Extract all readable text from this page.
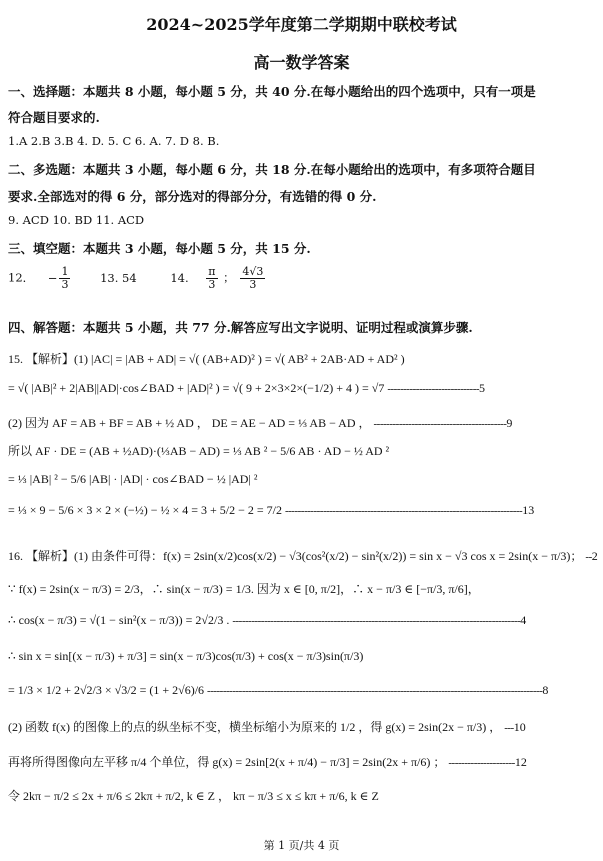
2024~2025学年度第二学期期中联校考试
高一数学答案
一、选择题：本题共 8 小题，每小题 5 分，共 40 分.在每小题给出的四个选项中，只有一项是
符合题目要求的.
1.A 2.B 3.B 4. D. 5. C 6. A. 7. D 8. B.
二、多选题：本题共 3 小题，每小题 6 分，共 18 分.在每小题给出的选项中，有多项符合题目
要求.全部选对的得 6 分，部分选对的得部分分，有选错的得 0 分.
9. ACD 10. BD 11. ACD
三、填空题：本题共 3 小题，每小题 5 分，共 15 分.
12． − $\frac{1}{3}$	13. 54	14. $\frac{\pi}{3}$ ； $\frac{4√3}{3}$
四、解答题：本题共 5 小题，共 77 分.解答应写出文字说明、证明过程或演算步骤.
15. 【解析】(1) |AC| = |AB + AD| = √( (AB+AD)² ) = √( AB² + 2AB·AD + AD² )
= √( |AB|² + 2|AB||AD|·cos∠BAD + |AD|² ) = √( 9 + 2×3×2×(−1/2) + 4 ) = √7 -----------------------------5
(2) 因为 AF = AB + BF = AB + ½ AD ， DE = AE − AD = ⅓ AB − AD ， ------------------------------------------9
所以 AF · DE = (AB + ½AD)·(⅓AB − AD) = ⅓ AB ² − 5/6 AB · AD − ½ AD ²
= ⅓ |AB| ² − 5/6 |AB| · |AD| · cos∠BAD − ½ |AD| ²
= ⅓ × 9 − 5/6 × 3 × 2 × (−½) − ½ × 4 = 3 + 5/2 − 2 = 7/2 ---------------------------------------------------------------------------13
16. 【解析】(1) 由条件可得：f(x) = 2sin(x/2)cos(x/2) − √3(cos²(x/2) − sin²(x/2)) = sin x − √3 cos x = 2sin(x − π/3)； --2
∵ f(x) = 2sin(x − π/3) = 2/3，∴ sin(x − π/3) = 1/3. 因为 x ∈ [0, π/2]，∴ x − π/3 ∈ [−π/3, π/6]，
∴ cos(x − π/3) = √(1 − sin²(x − π/3)) = 2√2/3 . -------------------------------------------------------------------------------------------4
∴ sin x = sin[(x − π/3) + π/3] = sin(x − π/3)cos(π/3) + cos(x − π/3)sin(π/3)
= 1/3 × 1/2 + 2√2/3 × √3/2 = (1 + 2√6)/6 ----------------------------------------------------------------------------------------------------------8
(2) 函数 f(x) 的图像上的点的纵坐标不变，横坐标缩小为原来的 1/2 ，得 g(x) = 2sin(2x − π/3) ， ---10
再将所得图像向左平移 π/4 个单位，得 g(x) = 2sin[2(x + π/4) − π/3] = 2sin(2x + π/6) ； ---------------------12
令 2kπ − π/2 ≤ 2x + π/6 ≤ 2kπ + π/2, k ∈ Z ， kπ − π/3 ≤ x ≤ kπ + π/6, k ∈ Z
第 1 页/共 4 页
